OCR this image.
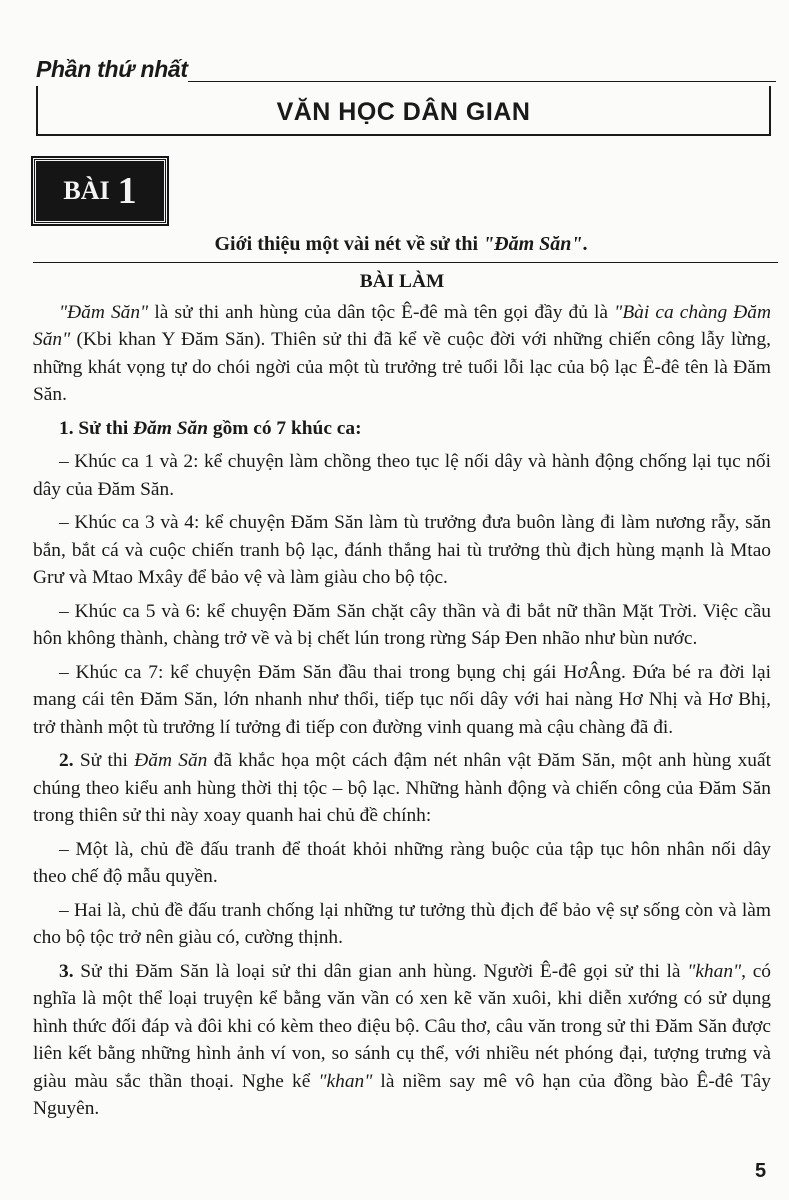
Phần thứ nhất
VĂN HỌC DÂN GIAN
BÀI 1
Giới thiệu một vài nét về sử thi "Đăm Săn".

BÀI LÀM

"Đăm Săn" là sử thi anh hùng của dân tộc Ê-đê mà tên gọi đầy đủ là "Bài ca chàng Đăm Săn" (Kbi khan Y Đăm Săn). Thiên sử thi đã kể về cuộc đời với những chiến công lẫy lừng, những khát vọng tự do chói ngời của một tù trưởng trẻ tuổi lỗi lạc của bộ lạc Ê-đê tên là Đăm Săn.

1. Sử thi Đăm Săn gồm có 7 khúc ca:

– Khúc ca 1 và 2: kể chuyện làm chồng theo tục lệ nối dây và hành động chống lại tục nối dây của Đăm Săn.

– Khúc ca 3 và 4: kể chuyện Đăm Săn làm tù trưởng đưa buôn làng đi làm nương rẫy, săn bắn, bắt cá và cuộc chiến tranh bộ lạc, đánh thắng hai tù trưởng thù địch hùng mạnh là Mtao Grư và Mtao Mxây để bảo vệ và làm giàu cho bộ tộc.

– Khúc ca 5 và 6: kể chuyện Đăm Săn chặt cây thần và đi bắt nữ thần Mặt Trời. Việc cầu hôn không thành, chàng trở về và bị chết lún trong rừng Sáp Đen nhão như bùn nước.

– Khúc ca 7: kể chuyện Đăm Săn đầu thai trong bụng chị gái HơÂng. Đứa bé ra đời lại mang cái tên Đăm Săn, lớn nhanh như thổi, tiếp tục nối dây với hai nàng Hơ Nhị và Hơ Bhị, trở thành một tù trưởng lí tưởng đi tiếp con đường vinh quang mà cậu chàng đã đi.

2. Sử thi Đăm Săn đã khắc họa một cách đậm nét nhân vật Đăm Săn, một anh hùng xuất chúng theo kiểu anh hùng thời thị tộc – bộ lạc. Những hành động và chiến công của Đăm Săn trong thiên sử thi này xoay quanh hai chủ đề chính:

– Một là, chủ đề đấu tranh để thoát khỏi những ràng buộc của tập tục hôn nhân nối dây theo chế độ mẫu quyền.

– Hai là, chủ đề đấu tranh chống lại những tư tưởng thù địch để bảo vệ sự sống còn và làm cho bộ tộc trở nên giàu có, cường thịnh.

3. Sử thi Đăm Săn là loại sử thi dân gian anh hùng. Người Ê-đê gọi sử thi là "khan", có nghĩa là một thể loại truyện kể bằng văn vần có xen kẽ văn xuôi, khi diễn xướng có sử dụng hình thức đối đáp và đôi khi có kèm theo điệu bộ. Câu thơ, câu văn trong sử thi Đăm Săn được liên kết bằng những hình ảnh ví von, so sánh cụ thể, với nhiều nét phóng đại, tượng trưng và giàu màu sắc thần thoại. Nghe kể "khan" là niềm say mê vô hạn của đồng bào Ê-đê Tây Nguyên.

5
